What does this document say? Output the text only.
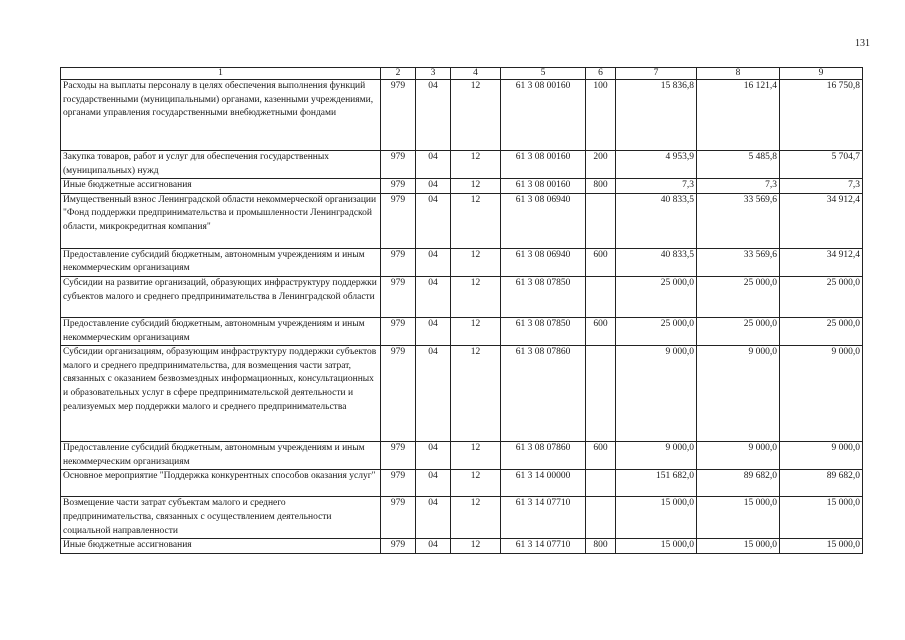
131
1	2	3	4	5	6	7	8	9
Расходы на выплаты персоналу в целях обеспечения выполнения функций государственными (муниципальными) органами, казенными учреждениями, органами управления государственными внебюджетными фондами	979	04	12	61 3 08 00160	100	15 836,8	16 121,4	16 750,8
Закупка товаров, работ и услуг для обеспечения государственных (муниципальных) нужд	979	04	12	61 3 08 00160	200	4 953,9	5 485,8	5 704,7
Иные бюджетные ассигнования	979	04	12	61 3 08 00160	800	7,3	7,3	7,3
Имущественный взнос Ленинградской области некоммерческой организации "Фонд поддержки предпринимательства и промышленности Ленинградской области, микрокредитная компания"	979	04	12	61 3 08 06940		40 833,5	33 569,6	34 912,4
Предоставление субсидий бюджетным, автономным учреждениям и иным некоммерческим организациям	979	04	12	61 3 08 06940	600	40 833,5	33 569,6	34 912,4
Субсидии на развитие организаций, образующих инфраструктуру поддержки субъектов малого и среднего предпринимательства в Ленинградской области	979	04	12	61 3 08 07850		25 000,0	25 000,0	25 000,0
Предоставление субсидий бюджетным, автономным учреждениям и иным некоммерческим организациям	979	04	12	61 3 08 07850	600	25 000,0	25 000,0	25 000,0
Субсидии организациям, образующим инфраструктуру поддержки субъектов малого и среднего предпринимательства, для возмещения части затрат, связанных с оказанием безвозмездных информационных, консультационных и образовательных услуг в сфере предпринимательской деятельности и реализуемых мер поддержки малого и среднего предпринимательства	979	04	12	61 3 08 07860		9 000,0	9 000,0	9 000,0
Предоставление субсидий бюджетным, автономным учреждениям и иным некоммерческим организациям	979	04	12	61 3 08 07860	600	9 000,0	9 000,0	9 000,0
Основное мероприятие "Поддержка конкурентных способов оказания услуг"	979	04	12	61 3 14 00000		151 682,0	89 682,0	89 682,0
Возмещение части затрат субъектам малого и среднего предпринимательства, связанных с осуществлением деятельности социальной направленности	979	04	12	61 3 14 07710		15 000,0	15 000,0	15 000,0
Иные бюджетные ассигнования	979	04	12	61 3 14 07710	800	15 000,0	15 000,0	15 000,0
